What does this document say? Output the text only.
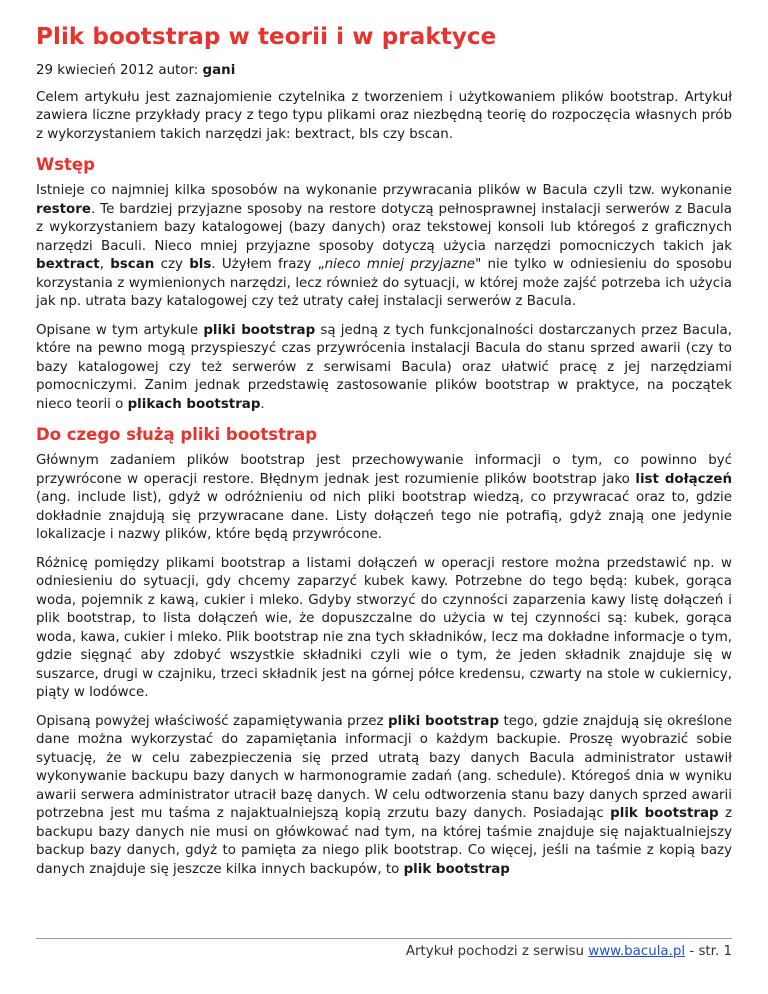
Plik bootstrap w teorii i w praktyce

29 kwiecień 2012 autor: gani

Celem artykułu jest zaznajomienie czytelnika z tworzeniem i użytkowaniem plików bootstrap. Artykuł zawiera liczne przykłady pracy z tego typu plikami oraz niezbędną teorię do rozpoczęcia własnych prób z wykorzystaniem takich narzędzi jak: bextract, bls czy bscan.

Wstęp

Istnieje co najmniej kilka sposobów na wykonanie przywracania plików w Bacula czyli tzw. wykonanie restore. Te bardziej przyjazne sposoby na restore dotyczą pełnosprawnej instalacji serwerów z Bacula z wykorzystaniem bazy katalogowej (bazy danych) oraz tekstowej konsoli lub któregoś z graficznych narzędzi Baculi. Nieco mniej przyjazne sposoby dotyczą użycia narzędzi pomocniczych takich jak bextract, bscan czy bls. Użyłem frazy „nieco mniej przyjazne" nie tylko w odniesieniu do sposobu korzystania z wymienionych narzędzi, lecz również do sytuacji, w której może zajść potrzeba ich użycia jak np. utrata bazy katalogowej czy też utraty całej instalacji serwerów z Bacula.

Opisane w tym artykule pliki bootstrap są jedną z tych funkcjonalności dostarczanych przez Bacula, które na pewno mogą przyspieszyć czas przywrócenia instalacji Bacula do stanu sprzed awarii (czy to bazy katalogowej czy też serwerów z serwisami Bacula) oraz ułatwić pracę z jej narzędziami pomocniczymi. Zanim jednak przedstawię zastosowanie plików bootstrap w praktyce, na początek nieco teorii o plikach bootstrap.

Do czego służą pliki bootstrap

Głównym zadaniem plików bootstrap jest przechowywanie informacji o tym, co powinno być przywrócone w operacji restore. Błędnym jednak jest rozumienie plików bootstrap jako list dołączeń (ang. include list), gdyż w odróżnieniu od nich pliki bootstrap wiedzą, co przywracać oraz to, gdzie dokładnie znajdują się przywracane dane. Listy dołączeń tego nie potrafią, gdyż znają one jedynie lokalizacje i nazwy plików, które będą przywrócone.

Różnicę pomiędzy plikami bootstrap a listami dołączeń w operacji restore można przedstawić np. w odniesieniu do sytuacji, gdy chcemy zaparzyć kubek kawy. Potrzebne do tego będą: kubek, gorąca woda, pojemnik z kawą, cukier i mleko. Gdyby stworzyć do czynności zaparzenia kawy listę dołączeń i plik bootstrap, to lista dołączeń wie, że dopuszczalne do użycia w tej czynności są: kubek, gorąca woda, kawa, cukier i mleko. Plik bootstrap nie zna tych składników, lecz ma dokładne informacje o tym, gdzie sięgnąć aby zdobyć wszystkie składniki czyli wie o tym, że jeden składnik znajduje się w suszarce, drugi w czajniku, trzeci składnik jest na górnej półce kredensu, czwarty na stole w cukiernicy, piąty w lodówce.

Opisaną powyżej właściwość zapamiętywania przez pliki bootstrap tego, gdzie znajdują się określone dane można wykorzystać do zapamiętania informacji o każdym backupie. Proszę wyobrazić sobie sytuację, że w celu zabezpieczenia się przed utratą bazy danych Bacula administrator ustawił wykonywanie backupu bazy danych w harmonogramie zadań (ang. schedule). Któregoś dnia w wyniku awarii serwera administrator utracił bazę danych. W celu odtworzenia stanu bazy danych sprzed awarii potrzebna jest mu taśma z najaktualniejszą kopią zrzutu bazy danych. Posiadając plik bootstrap z backupu bazy danych nie musi on główkować nad tym, na której taśmie znajduje się najaktualniejszy backup bazy danych, gdyż to pamięta za niego plik bootstrap. Co więcej, jeśli na taśmie z kopią bazy danych znajduje się jeszcze kilka innych backupów, to plik bootstrap

Artykuł pochodzi z serwisu www.bacula.pl - str. 1
